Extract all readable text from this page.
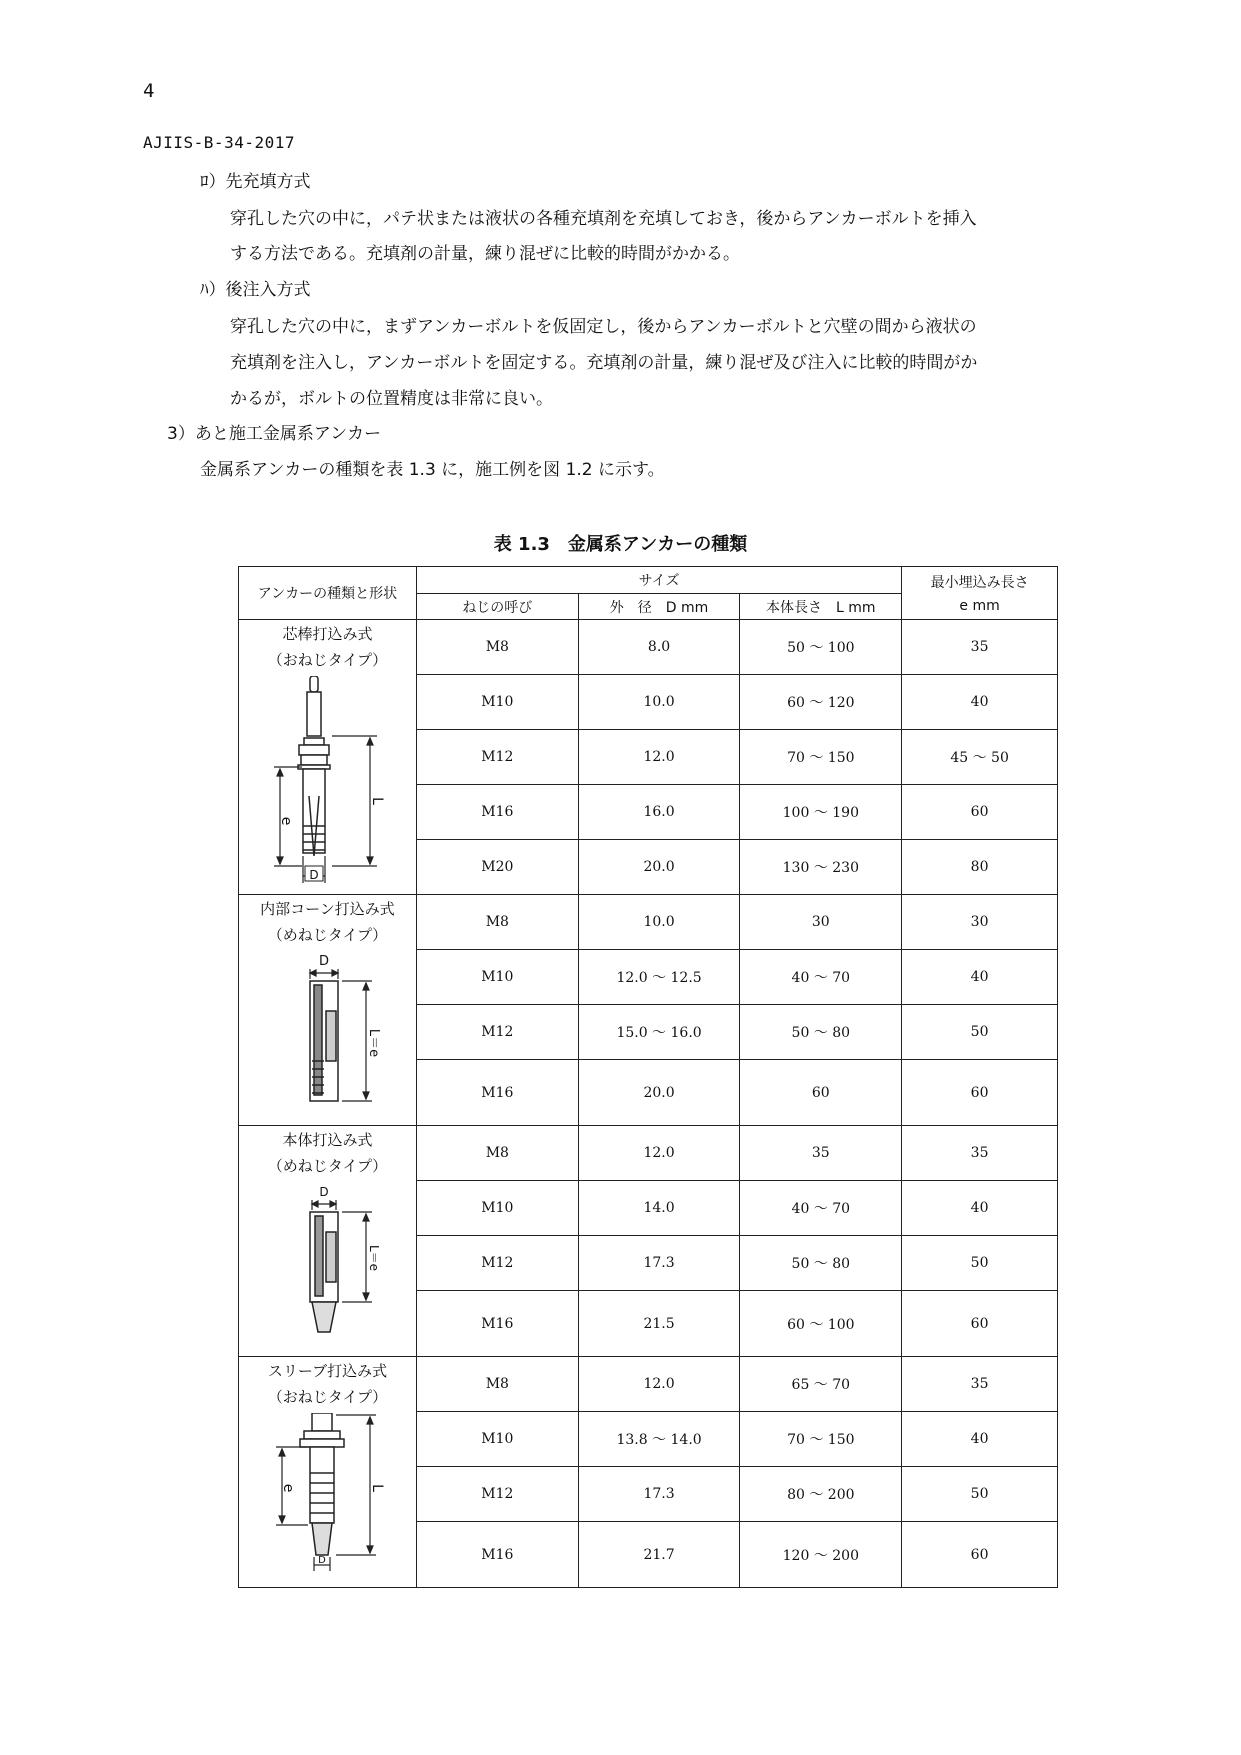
4
AJIIS-B-34-2017
ﾛ）先充填方式
穿孔した穴の中に，パテ状または液状の各種充填剤を充填しておき，後からアンカーボルトを挿入
する方法である。充填剤の計量，練り混ぜに比較的時間がかかる。
ﾊ）後注入方式
穿孔した穴の中に，まずアンカーボルトを仮固定し，後からアンカーボルトと穴壁の間から液状の
充填剤を注入し，アンカーボルトを固定する。充填剤の計量，練り混ぜ及び注入に比較的時間がか
かるが，ボルトの位置精度は非常に良い。
3）あと施工金属系アンカー
金属系アンカーの種類を表 1.3 に，施工例を図 1.2 に示す。
表 1.3　金属系アンカーの種類
アンカーの種類と形状	サイズ			最小埋込み長さ
e mm

	ねじの呼び	外　径　D mm	本体長さ　L mm	

芯棒打込み式
（おねじタイプ）
e
L
D	M8	8.0	50 ～ 100	35
	M10	10.0	60 ～ 120	40
	M12	12.0	70 ～ 150	45 ～ 50
	M16	16.0	100 ～ 190	60
	M20	20.0	130 ～ 230	80

内部コーン打込み式
（めねじタイプ）
D
L＝e	M8	10.0	30	30
	M10	12.0 ～ 12.5	40 ～ 70	40
	M12	15.0 ～ 16.0	50 ～ 80	50
	M16	20.0	60	60

本体打込み式
（めねじタイプ）
D
L＝e	M8	12.0	35	35
	M10	14.0	40 ～ 70	40
	M12	17.3	50 ～ 80	50
	M16	21.5	60 ～ 100	60

スリーブ打込み式
（おねじタイプ）
e L
D	M8	12.0	65 ～ 70	35
	M10	13.8 ～ 14.0	70 ～ 150	40
	M12	17.3	80 ～ 200	50
	M16	21.7	120 ～ 200	60
